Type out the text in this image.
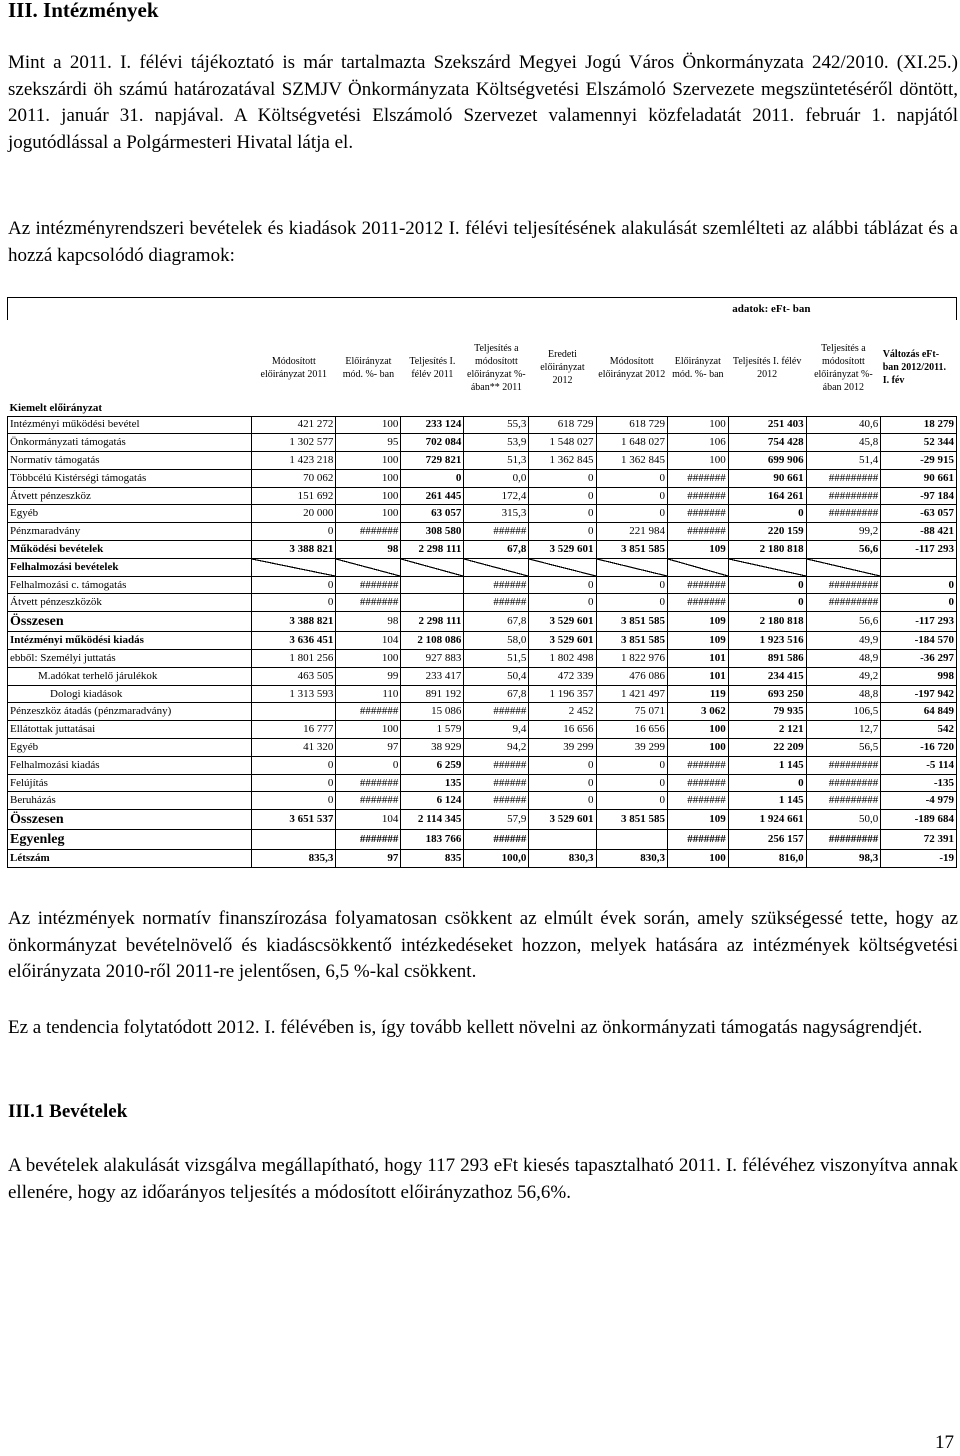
III. Intézmények

Mint a 2011. I. félévi tájékoztató is már tartalmazta Szekszárd Megyei Jogú Város Önkormányzata 242/2010. (XI.25.) szekszárdi öh számú határozatával SZMJV Önkormányzata Költségvetési Elszámoló Szervezete megszüntetéséről döntött, 2011. január 31. napjával. A Költségvetési Elszámoló Szervezet valamennyi közfeladatát 2011. február 1. napjától jogutódlással a Polgármesteri Hivatal látja el.

Az intézményrendszeri bevételek és kiadások 2011-2012 I. félévi teljesítésének alakulását szemlélteti az alábbi táblázat és a hozzá kapcsolódó diagramok:

								adatok: eFt- ban		
Kiemelt előirányzat	Módosított előirányzat 2011	Előirányzat mód. %- ban	Teljesítés I. félév 2011	Teljesítés a módosított előirányzat %-ában** 2011	Eredeti előirányzat 2012	Módosított előirányzat 2012	Előirányzat mód. %- ban	Teljesítés I. félév 2012	Teljesítés a módosított előirányzat %-ában 2012	Változás eFt-ban 2012/2011. I. fév
Intézményi működési bevétel	421 272	100	233 124	55,3	618 729	618 729	100	251 403	40,6	18 279
Önkormányzati támogatás	1 302 577	95	702 084	53,9	1 548 027	1 648 027	106	754 428	45,8	52 344
Normatív támogatás	1 423 218	100	729 821	51,3	1 362 845	1 362 845	100	699 906	51,4	-29 915
Többcélú Kistérségi támogatás	70 062	100	0	0,0	0	0	#######	90 661	#########	90 661
Átvett pénzeszköz	151 692	100	261 445	172,4	0	0	#######	164 261	#########	-97 184
Egyéb	20 000	100	63 057	315,3	0	0	#######	0	#########	-63 057
Pénzmaradvány	0	#######	308 580	######	0	221 984	#######	220 159	99,2	-88 421
Működési bevételek	3 388 821	98	2 298 111	67,8	3 529 601	3 851 585	109	2 180 818	56,6	-117 293
Felhalmozási bevételek										
Felhalmozási c. támogatás	0	#######		######	0	0	#######	0	#########	0
Átvett pénzeszközök	0	#######		######	0	0	#######	0	#########	0
Összesen	3 388 821	98	2 298 111	67,8	3 529 601	3 851 585	109	2 180 818	56,6	-117 293
Intézményi működési kiadás	3 636 451	104	2 108 086	58,0	3 529 601	3 851 585	109	1 923 516	49,9	-184 570
ebből: Személyi juttatás	1 801 256	100	927 883	51,5	1 802 498	1 822 976	101	891 586	48,9	-36 297
M.adókat terhelő járulékok	463 505	99	233 417	50,4	472 339	476 086	101	234 415	49,2	998
Dologi kiadások	1 313 593	110	891 192	67,8	1 196 357	1 421 497	119	693 250	48,8	-197 942
Pénzeszköz átadás (pénzmaradvány)		#######	15 086	######	2 452	75 071	3 062	79 935	106,5	64 849
Ellátottak juttatásai	16 777	100	1 579	9,4	16 656	16 656	100	2 121	12,7	542
Egyéb	41 320	97	38 929	94,2	39 299	39 299	100	22 209	56,5	-16 720
Felhalmozási kiadás	0	0	6 259	######	0	0	#######	1 145	#########	-5 114
Felújítás	0	#######	135	######	0	0	#######	0	#########	-135
Beruházás	0	#######	6 124	######	0	0	#######	1 145	#########	-4 979
Összesen	3 651 537	104	2 114 345	57,9	3 529 601	3 851 585	109	1 924 661	50,0	-189 684
Egyenleg		#######	183 766	######			#######	256 157	#########	72 391
Létszám	835,3	97	835	100,0	830,3	830,3	100	816,0	98,3	-19

Az intézmények normatív finanszírozása folyamatosan csökkent az elmúlt évek során, amely szükségessé tette, hogy az önkormányzat bevételnövelő és kiadáscsökkentő intézkedéseket hozzon, melyek hatására az intézmények költségvetési előirányzata 2010-ről 2011-re jelentősen, 6,5 %-kal csökkent.

Ez a tendencia folytatódott 2012. I. félévében is, így tovább kellett növelni az önkormányzati támogatás nagyságrendjét.

III.1 Bevételek

A bevételek alakulását vizsgálva megállapítható, hogy 117 293 eFt kiesés tapasztalható 2011. I. félévéhez viszonyítva annak ellenére, hogy az időarányos teljesítés a módosított előirányzathoz 56,6%.

17
